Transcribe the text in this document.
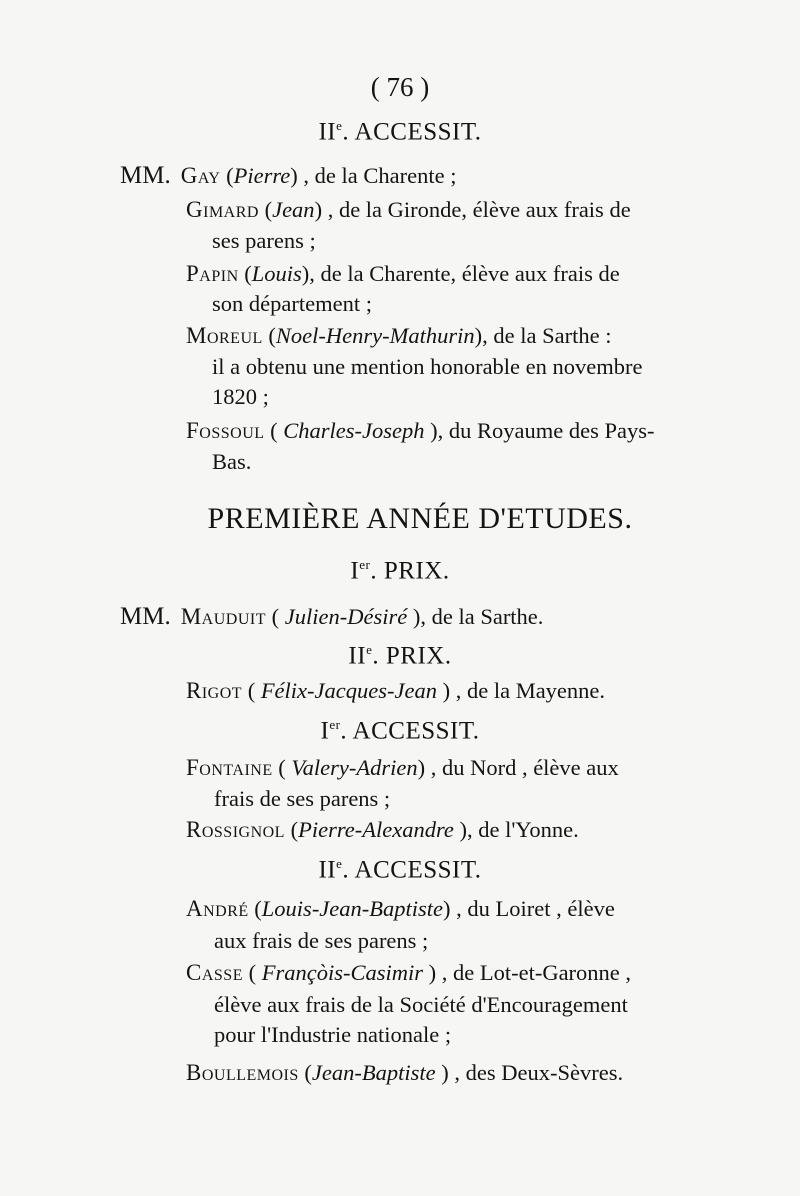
( 76 )
IIe. ACCESSIT.
MM. Gay (Pierre) , de la Charente ;
Gimard (Jean) , de la Gironde, élève aux frais de
ses parens ;
Papin (Louis), de la Charente, élève aux frais de
son département ;
Moreul (Noel-Henry-Mathurin), de la Sarthe :
il a obtenu une mention honorable en novembre
1820 ;
Fossoul ( Charles-Joseph ), du Royaume des Pays-
Bas.
PREMIÈRE ANNÉE D'ETUDES.
Ier. PRIX.
MM. Mauduit ( Julien-Désiré ), de la Sarthe.
IIe. PRIX.
Rigot ( Félix-Jacques-Jean ) , de la Mayenne.
Ier. ACCESSIT.
Fontaine ( Valery-Adrien) , du Nord , élève aux
frais de ses parens ;
Rossignol (Pierre-Alexandre ), de l'Yonne.
IIe. ACCESSIT.
André (Louis-Jean-Baptiste) , du Loiret , élève
aux frais de ses parens ;
Casse ( Françòis-Casimir ) , de Lot-et-Garonne ,
élève aux frais de la Société d'Encouragement
pour l'Industrie nationale ;
Boullemois (Jean-Baptiste ) , des Deux-Sèvres.
